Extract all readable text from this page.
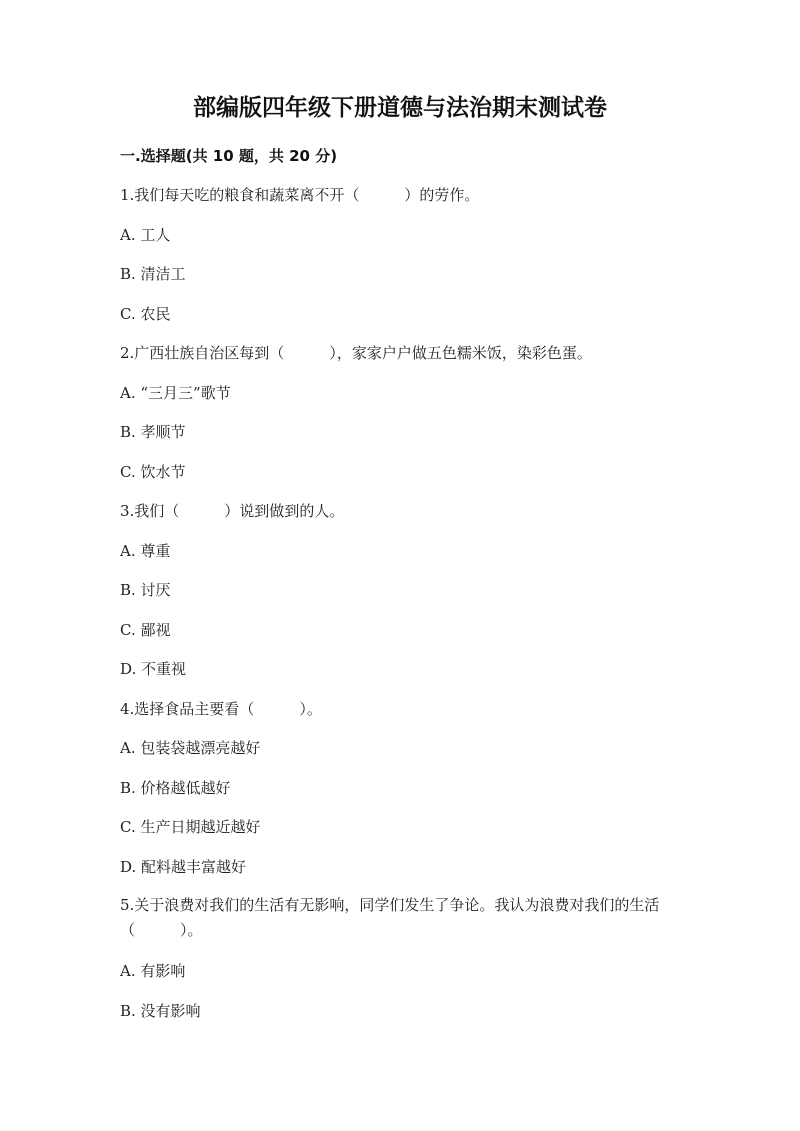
部编版四年级下册道德与法治期末测试卷
一.选择题(共 10 题，共 20 分)
1.我们每天吃的粮食和蔬菜离不开（　　　）的劳作。
A. 工人
B. 清洁工
C. 农民
2.广西壮族自治区每到（　　　），家家户户做五色糯米饭，染彩色蛋。
A. “三月三”歌节
B. 孝顺节
C. 饮水节
3.我们（　　　）说到做到的人。
A. 尊重
B. 讨厌
C. 鄙视
D. 不重视
4.选择食品主要看（　　　）。
A. 包装袋越漂亮越好
B. 价格越低越好
C. 生产日期越近越好
D. 配料越丰富越好
5.关于浪费对我们的生活有无影响，同学们发生了争论。我认为浪费对我们的生活（　　　）。
A. 有影响
B. 没有影响
